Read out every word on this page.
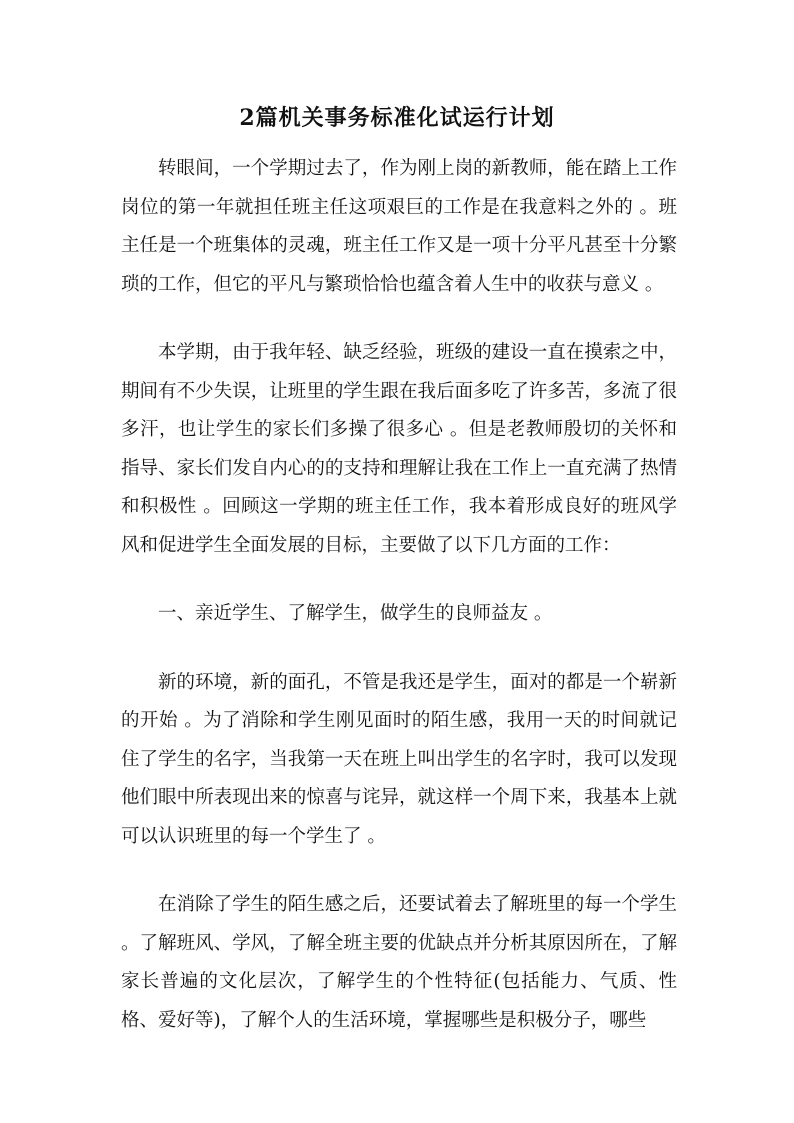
2篇机关事务标准化试运行计划

转眼间，一个学期过去了，作为刚上岗的新教师，能在踏上工作岗位的第一年就担任班主任这项艰巨的工作是在我意料之外的 。班主任是一个班集体的灵魂，班主任工作又是一项十分平凡甚至十分繁琐的工作，但它的平凡与繁琐恰恰也蕴含着人生中的收获与意义 。

本学期，由于我年轻、缺乏经验，班级的建设一直在摸索之中，期间有不少失误，让班里的学生跟在我后面多吃了许多苦，多流了很多汗，也让学生的家长们多操了很多心 。但是老教师殷切的关怀和指导、家长们发自内心的的支持和理解让我在工作上一直充满了热情和积极性 。回顾这一学期的班主任工作，我本着形成良好的班风学风和促进学生全面发展的目标，主要做了以下几方面的工作：

一、亲近学生、了解学生，做学生的良师益友 。

新的环境，新的面孔，不管是我还是学生，面对的都是一个崭新的开始 。为了消除和学生刚见面时的陌生感，我用一天的时间就记住了学生的名字，当我第一天在班上叫出学生的名字时，我可以发现他们眼中所表现出来的惊喜与诧异，就这样一个周下来，我基本上就可以认识班里的每一个学生了 。

在消除了学生的陌生感之后，还要试着去了解班里的每一个学生 。了解班风、学风，了解全班主要的优缺点并分析其原因所在，了解家长普遍的文化层次，了解学生的个性特征(包括能力、气质、性格、爱好等)，了解个人的生活环境，掌握哪些是积极分子，哪些
